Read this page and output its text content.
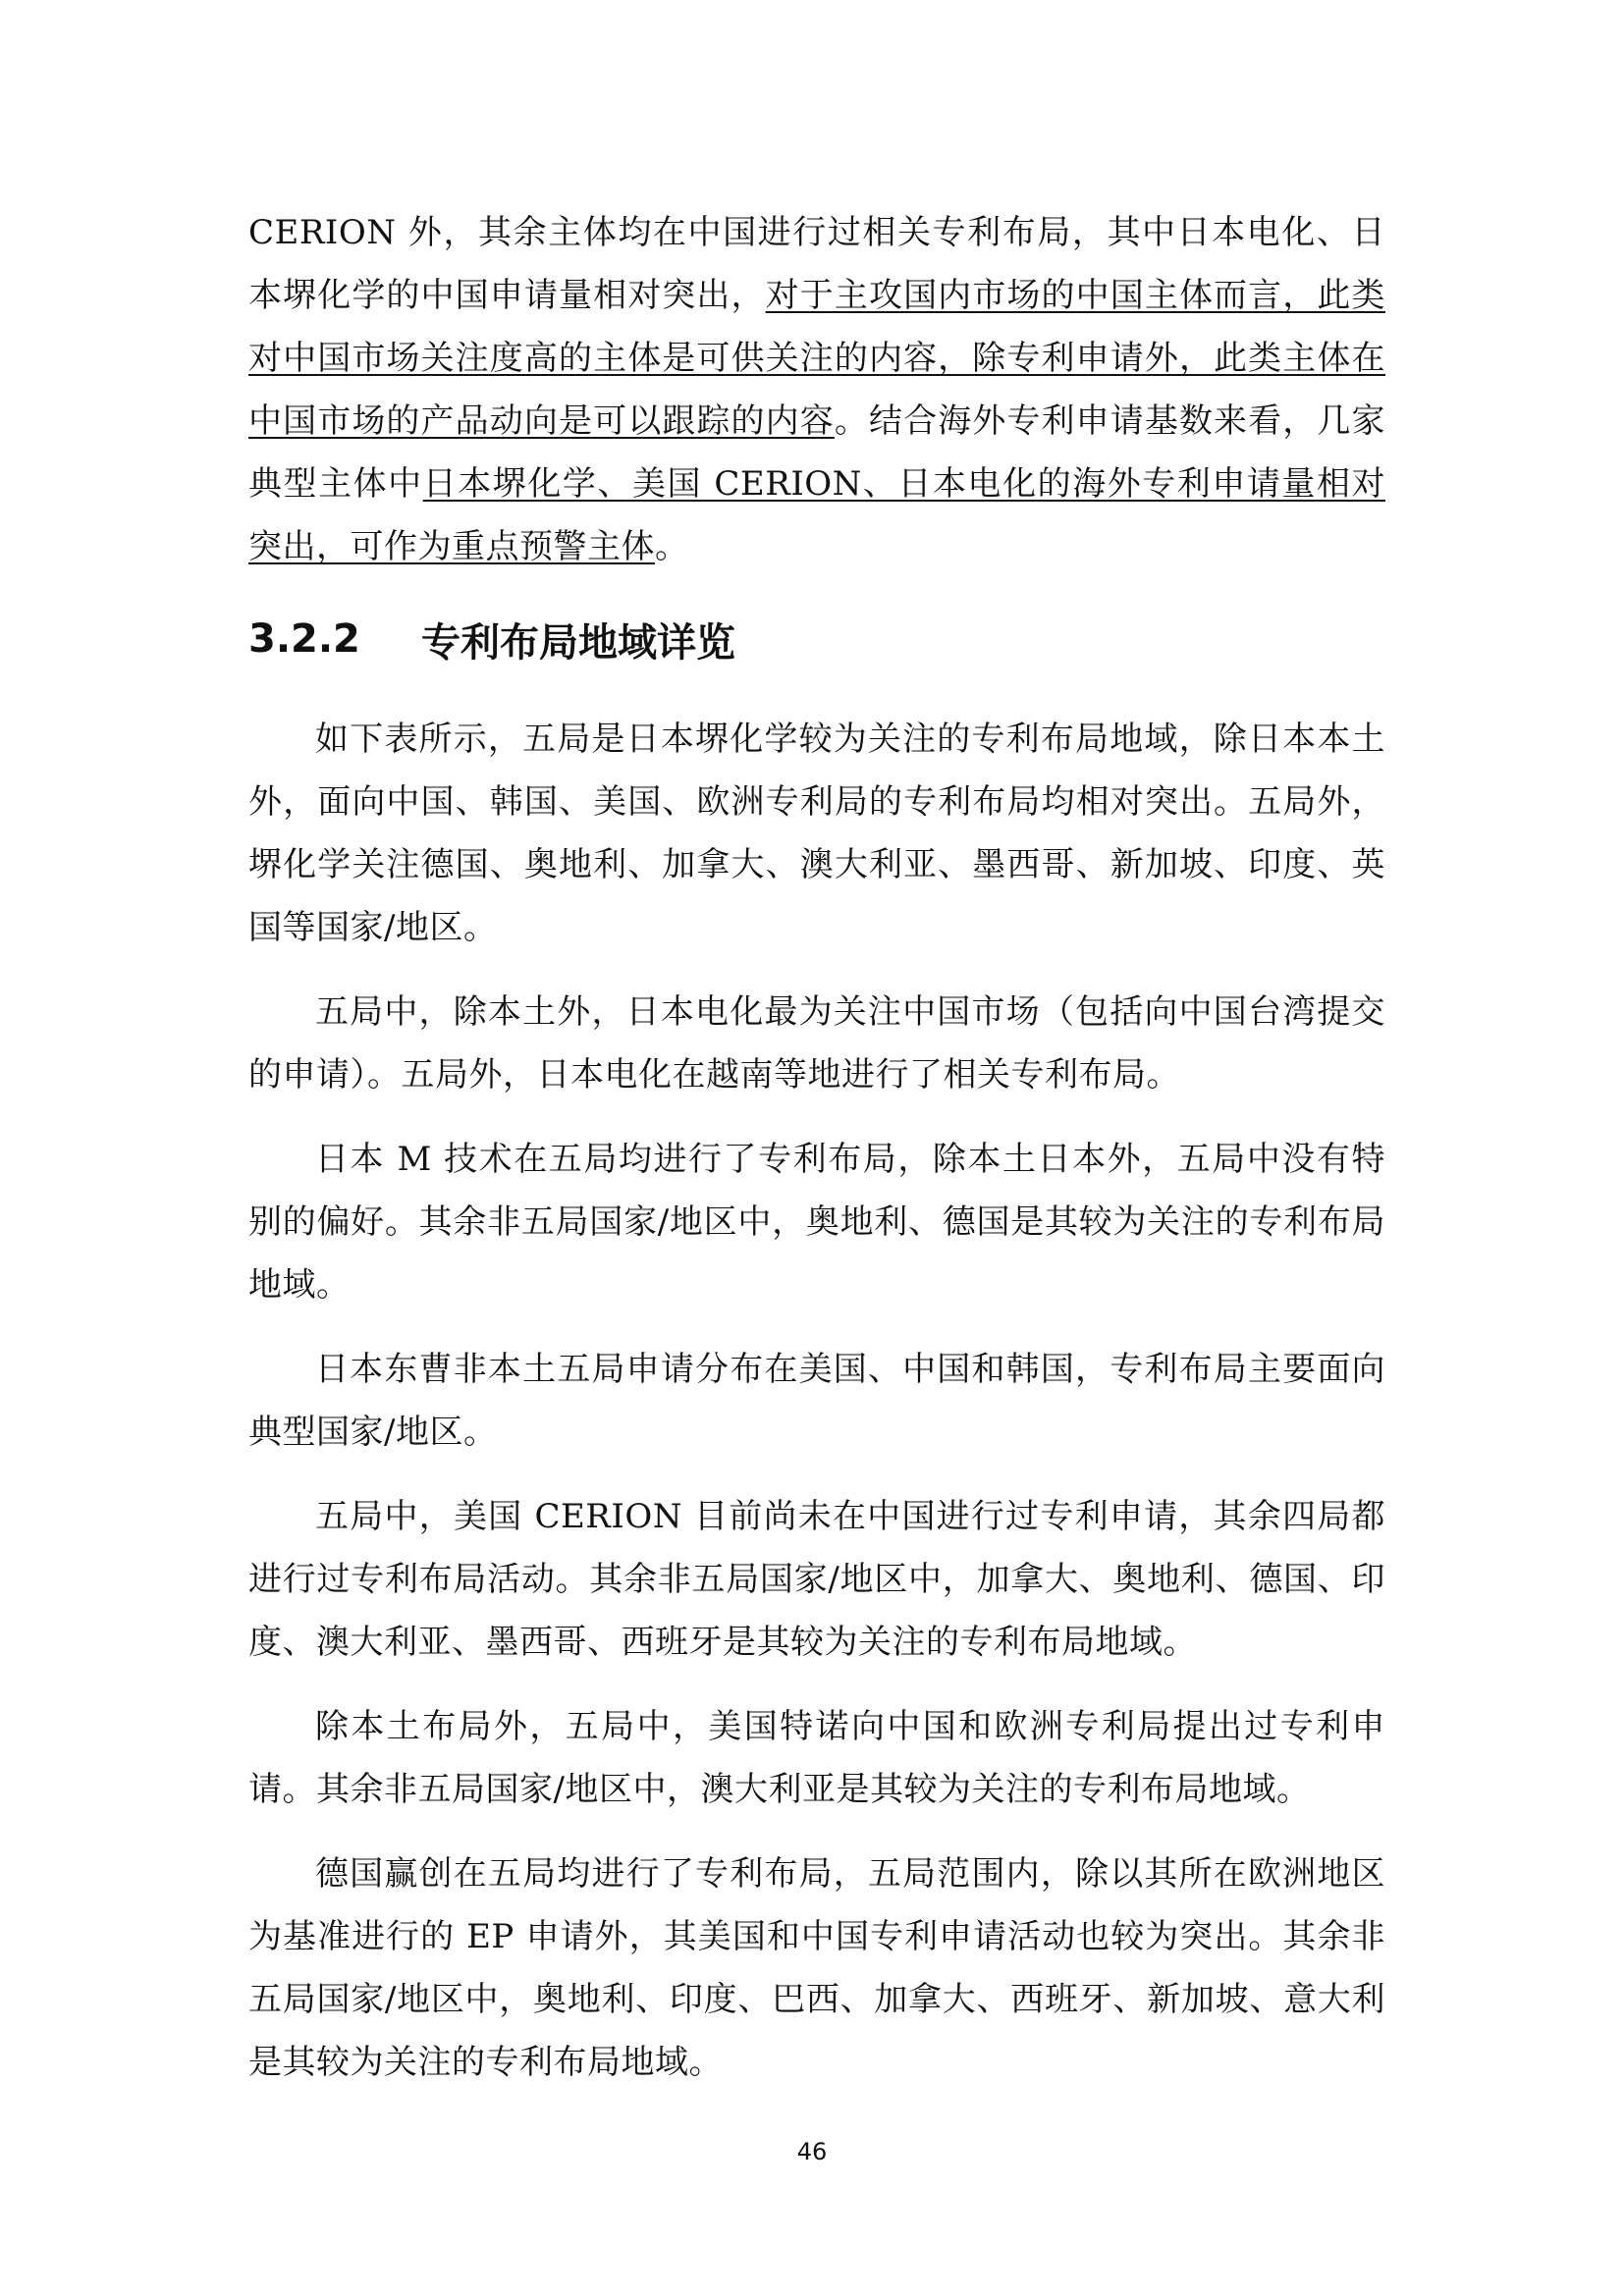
CERION 外，其余主体均在中国进行过相关专利布局，其中日本电化、日本堺化学的中国申请量相对突出，对于主攻国内市场的中国主体而言，此类对中国市场关注度高的主体是可供关注的内容，除专利申请外，此类主体在中国市场的产品动向是可以跟踪的内容。结合海外专利申请基数来看，几家典型主体中日本堺化学、美国 CERION、日本电化的海外专利申请量相对突出，可作为重点预警主体。

3.2.2	专利布局地域详览

如下表所示，五局是日本堺化学较为关注的专利布局地域，除日本本土外，面向中国、韩国、美国、欧洲专利局的专利布局均相对突出。五局外，堺化学关注德国、奥地利、加拿大、澳大利亚、墨西哥、新加坡、印度、英国等国家/地区。

五局中，除本土外，日本电化最为关注中国市场（包括向中国台湾提交的申请）。五局外，日本电化在越南等地进行了相关专利布局。

日本 M 技术在五局均进行了专利布局，除本土日本外，五局中没有特别的偏好。其余非五局国家/地区中，奥地利、德国是其较为关注的专利布局地域。

日本东曹非本土五局申请分布在美国、中国和韩国，专利布局主要面向典型国家/地区。

五局中，美国 CERION 目前尚未在中国进行过专利申请，其余四局都进行过专利布局活动。其余非五局国家/地区中，加拿大、奥地利、德国、印度、澳大利亚、墨西哥、西班牙是其较为关注的专利布局地域。

除本土布局外，五局中，美国特诺向中国和欧洲专利局提出过专利申请。其余非五局国家/地区中，澳大利亚是其较为关注的专利布局地域。

德国赢创在五局均进行了专利布局，五局范围内，除以其所在欧洲地区为基准进行的 EP 申请外，其美国和中国专利申请活动也较为突出。其余非五局国家/地区中，奥地利、印度、巴西、加拿大、西班牙、新加坡、意大利是其较为关注的专利布局地域。

46
